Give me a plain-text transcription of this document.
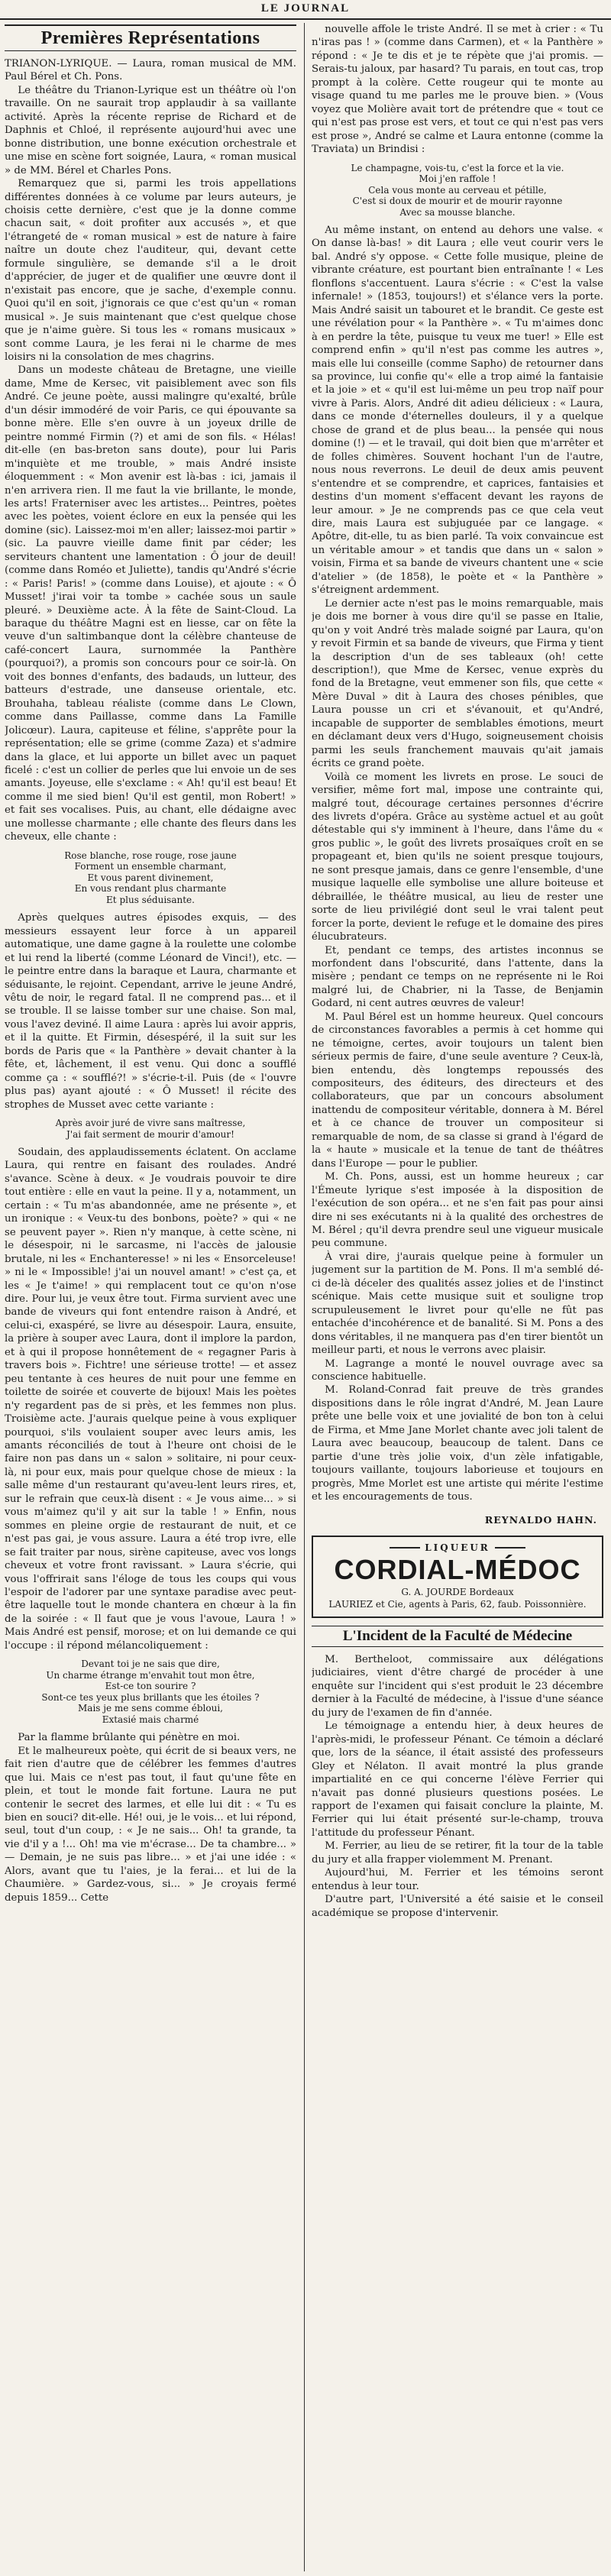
LE JOURNAL
Premières Représentations

TRIANON-LYRIQUE. — Laura, roman musical de MM. Paul Bérel et Ch. Pons.

Le théâtre du Trianon-Lyrique est un théâtre où l'on travaille. On ne saurait trop applaudir à sa vaillante activité. Après la récente reprise de Richard et de Daphnis et Chloé, il représente aujourd'hui avec une bonne distribution, une bonne exécution orchestrale et une mise en scène fort soignée, Laura, « roman musical » de MM. Bérel et Charles Pons.

Remarquez que si, parmi les trois appellations différentes données à ce volume par leurs auteurs, je choisis cette dernière, c'est que je la donne comme chacun sait, « doit profiter aux accusés », et que l'étrangeté de « roman musical » est de nature à faire naître un doute chez l'auditeur, qui, devant cette formule singulière, se demande s'il a le droit d'apprécier, de juger et de qualifier une œuvre dont il n'existait pas encore, que je sache, d'exemple connu. Quoi qu'il en soit, j'ignorais ce que c'est qu'un « roman musical ». Je suis maintenant que c'est quelque chose que je n'aime guère. Si tous les « romans musicaux » sont comme Laura, je les ferai ni le charme de mes loisirs ni la consolation de mes chagrins.

Dans un modeste château de Bretagne, une vieille dame, Mme de Kersec, vit paisiblement avec son fils André. Ce jeune poète, aussi malingre qu'exalté, brûle d'un désir immodéré de voir Paris, ce qui épouvante sa bonne mère. Elle s'en ouvre à un joyeux drille de peintre nommé Firmin (?) et ami de son fils. « Hélas! dit-elle (en bas-breton sans doute), pour lui Paris m'inquiète et me trouble, » mais André insiste éloquemment : « Mon avenir est là-bas : ici, jamais il n'en arrivera rien. Il me faut la vie brillante, le monde, les arts! Fraterniser avec les artistes... Peintres, poètes avec les poètes, voient éclore en eux la pensée qui les domine (sic). Laissez-moi m'en aller; laissez-moi partir » (sic. La pauvre vieille dame finit par céder; les serviteurs chantent une lamentation : Ô jour de deuil! (comme dans Roméo et Juliette), tandis qu'André s'écrie : « Paris! Paris! » (comme dans Louise), et ajoute : « Ô Musset! j'irai voir ta tombe » cachée sous un saule pleuré. » Deuxième acte. À la fête de Saint-Cloud. La baraque du théâtre Magni est en liesse, car on fête la veuve d'un saltimbanque dont la célèbre chanteuse de café-concert Laura, surnommée la Panthère (pourquoi?), a promis son concours pour ce soir-là. On voit des bonnes d'enfants, des badauds, un lutteur, des batteurs d'estrade, une danseuse orientale, etc. Brouhaha, tableau réaliste (comme dans Le Clown, comme dans Paillasse, comme dans La Famille Jolicœur). Laura, capiteuse et féline, s'apprête pour la représentation; elle se grime (comme Zaza) et s'admire dans la glace, et lui apporte un billet avec un paquet ficelé : c'est un collier de perles que lui envoie un de ses amants. Joyeuse, elle s'exclame : « Ah! qu'il est beau! Et comme il me sied bien! Qu'il est gentil, mon Robert! » et fait ses vocalises. Puis, au chant, elle dédaigne avec une mollesse charmante ; elle chante des fleurs dans les cheveux, elle chante :

Rose blanche, rose rouge, rose jaune
Forment un ensemble charmant,
Et vous parent divinement,
En vous rendant plus charmante
Et plus séduisante.

Après quelques autres épisodes exquis, — des messieurs essayent leur force à un appareil automatique, une dame gagne à la roulette une colombe et lui rend la liberté (comme Léonard de Vinci!), etc. — le peintre entre dans la baraque et Laura, charmante et séduisante, le rejoint. Cependant, arrive le jeune André, vêtu de noir, le regard fatal. Il ne comprend pas... et il se trouble. Il se laisse tomber sur une chaise. Son mal, vous l'avez deviné. Il aime Laura : après lui avoir appris, et il la quitte. Et Firmin, désespéré, il la suit sur les bords de Paris que « la Panthère » devait chanter à la fête, et, lâchement, il est venu. Qui donc a soufflé comme ça : « soufflé?! » s'écrie-t-il. Puis (de « l'ouvre plus pas) ayant ajouté : « Ô Musset! il récite des strophes de Musset avec cette variante :

Après avoir juré de vivre sans maîtresse,
J'ai fait serment de mourir d'amour!

Soudain, des applaudissements éclatent. On acclame Laura, qui rentre en faisant des roulades. André s'avance. Scène à deux. « Je voudrais pouvoir te dire tout entière : elle en vaut la peine. Il y a, notamment, un certain : « Tu m'as abandonnée, ame ne présente », et un ironique : « Veux-tu des bonbons, poète? » qui « ne se peuvent payer ». Rien n'y manque, à cette scène, ni le désespoir, ni le sarcasme, ni l'accès de jalousie brutale, ni les « Enchanteresse! » ni les « Ensorceleuse! » ni le « Impossible! j'ai un nouvel amant! » c'est ça, et les « Je t'aime! » qui remplacent tout ce qu'on n'ose dire. Pour lui, je veux être tout. Firma survient avec une bande de viveurs qui font entendre raison à André, et celui-ci, exaspéré, se livre au désespoir. Laura, ensuite, la prière à souper avec Laura, dont il implore la pardon, et à qui il propose honnêtement de « regagner Paris à travers bois ». Fichtre! une sérieuse trotte! — et assez peu tentante à ces heures de nuit pour une femme en toilette de soirée et couverte de bijoux! Mais les poètes n'y regardent pas de si près, et les femmes non plus. Troisième acte. J'aurais quelque peine à vous expliquer pourquoi, s'ils voulaient souper avec leurs amis, les amants réconciliés de tout à l'heure ont choisi de le faire non pas dans un « salon » solitaire, ni pour ceux-là, ni pour eux, mais pour quelque chose de mieux : la salle même d'un restaurant qu'aveu-lent leurs rires, et, sur le refrain que ceux-là disent : « Je vous aime... » si vous m'aimez qu'il y ait sur la table ! » Enfin, nous sommes en pleine orgie de restaurant de nuit, et ce n'est pas gai, je vous assure. Laura a été trop ivre, elle se fait traiter par nous, sirène capiteuse, avec vos longs cheveux et votre front ravissant. » Laura s'écrie, qui vous l'offrirait sans l'éloge de tous les coups qui vous l'espoir de l'adorer par une syntaxe paradise avec peut-être laquelle tout le monde chantera en chœur à la fin de la soirée : « Il faut que je vous l'avoue, Laura ! » Mais André est pensif, morose; et on lui demande ce qui l'occupe : il répond mélancoliquement :

Devant toi je ne sais que dire,
Un charme étrange m'envahit tout mon être,
Est-ce ton sourire ?
Sont-ce tes yeux plus brillants que les étoiles ?
Mais je me sens comme ébloui,
Extasié mais charmé

Par la flamme brûlante qui pénètre en moi.

Et le malheureux poète, qui écrit de si beaux vers, ne fait rien d'autre que de célébrer les femmes d'autres que lui. Mais ce n'est pas tout, il faut qu'une fête en plein, et tout le monde fait fortune. Laura ne put contenir le secret des larmes, et elle lui dit : « Tu es bien en souci? dit-elle. Hé! oui, je le vois... et lui répond, seul, tout d'un coup, : « Je ne sais... Oh! ta grande, ta vie d'il y a !... Oh! ma vie m'écrase... De ta chambre... » — Demain, je ne suis pas libre... » et j'ai une idée : « Alors, avant que tu l'aies, je la ferai... et lui de la Chaumière. » Gardez-vous, si... » Je croyais fermé depuis 1859... Cette

nouvelle affole le triste André. Il se met à crier : « Tu n'iras pas ! » (comme dans Carmen), et « la Panthère » répond : « Je te dis et je te répète que j'ai promis. — Serais-tu jaloux, par hasard? Tu parais, en tout cas, trop prompt à la colère. Cette rougeur qui te monte au visage quand tu me parles me le prouve bien. » (Vous voyez que Molière avait tort de prétendre que « tout ce qui n'est pas prose est vers, et tout ce qui n'est pas vers est prose », André se calme et Laura entonne (comme la Traviata) un Brindisi :

Le champagne, vois-tu, c'est la force et la vie.
Moi j'en raffole !
Cela vous monte au cerveau et pétille,
C'est si doux de mourir et de mourir rayonne
Avec sa mousse blanche.

Au même instant, on entend au dehors une valse. « On danse là-bas! » dit Laura ; elle veut courir vers le bal. André s'y oppose. « Cette folle musique, pleine de vibrante créature, est pourtant bien entraînante ! « Les flonflons s'accentuent. Laura s'écrie : « C'est la valse infernale! » (1853, toujours!) et s'élance vers la porte. Mais André saisit un tabouret et le brandit. Ce geste est une révélation pour « la Panthère ». « Tu m'aimes donc à en perdre la tête, puisque tu veux me tuer! » Elle est comprend enfin » qu'il n'est pas comme les autres », mais elle lui conseille (comme Sapho) de retourner dans sa province, lui confie qu'« elle a trop aimé la fantaisie et la joie » et « qu'il est lui-même un peu trop naïf pour vivre à Paris. Alors, André dit adieu délicieux : « Laura, dans ce monde d'éternelles douleurs, il y a quelque chose de grand et de plus beau... la pensée qui nous domine (!) — et le travail, qui doit bien que m'arrêter et de folles chimères. Souvent hochant l'un de l'autre, nous nous reverrons. Le deuil de deux amis peuvent s'entendre et se comprendre, et caprices, fantaisies et destins d'un moment s'effacent devant les rayons de leur amour. » Je ne comprends pas ce que cela veut dire, mais Laura est subjuguée par ce langage. « Apôtre, dit-elle, tu as bien parlé. Ta voix convaincue est un véritable amour » et tandis que dans un « salon » voisin, Firma et sa bande de viveurs chantent une « scie d'atelier » (de 1858), le poète et « la Panthère » s'étreignent ardemment.

Le dernier acte n'est pas le moins remarquable, mais je dois me borner à vous dire qu'il se passe en Italie, qu'on y voit André très malade soigné par Laura, qu'on y revoit Firmin et sa bande de viveurs, que Firma y tient la description d'un de ses tableaux (oh! cette description!), que Mme de Kersec, venue exprès du fond de la Bretagne, veut emmener son fils, que cette « Mère Duval » dit à Laura des choses pénibles, que Laura pousse un cri et s'évanouit, et qu'André, incapable de supporter de semblables émotions, meurt en déclamant deux vers d'Hugo, soigneusement choisis parmi les seuls franchement mauvais qu'ait jamais écrits ce grand poète.

Voilà ce moment les livrets en prose. Le souci de versifier, même fort mal, impose une contrainte qui, malgré tout, décourage certaines personnes d'écrire des livrets d'opéra. Grâce au système actuel et au goût détestable qui s'y imminent à l'heure, dans l'âme du « gros public », le goût des livrets prosaïques croît en se propageant et, bien qu'ils ne soient presque toujours, ne sont presque jamais, dans ce genre l'ensemble, d'une musique laquelle elle symbolise une allure boiteuse et débraillée, le théâtre musical, au lieu de rester une sorte de lieu privilégié dont seul le vrai talent peut forcer la porte, devient le refuge et le domaine des pires élucubrateurs.

Et, pendant ce temps, des artistes inconnus se morfondent dans l'obscurité, dans l'attente, dans la misère ; pendant ce temps on ne représente ni le Roi malgré lui, de Chabrier, ni la Tasse, de Benjamin Godard, ni cent autres œuvres de valeur!

M. Paul Bérel est un homme heureux. Quel concours de circonstances favorables a permis à cet homme qui ne témoigne, certes, avoir toujours un talent bien sérieux permis de faire, d'une seule aventure ? Ceux-là, bien entendu, dès longtemps repoussés des compositeurs, des éditeurs, des directeurs et des collaborateurs, que par un concours absolument inattendu de compositeur véritable, donnera à M. Bérel et à ce chance de trouver un compositeur si remarquable de nom, de sa classe si grand à l'égard de la « haute » musicale et la tenue de tant de théâtres dans l'Europe — pour le publier.

M. Ch. Pons, aussi, est un homme heureux ; car l'Émeute lyrique s'est imposée à la disposition de l'exécution de son opéra... et ne s'en fait pas pour ainsi dire ni ses exécutants ni à la qualité des orchestres de M. Bérel ; qu'il devra prendre seul une vigueur musicale peu commune.

À vrai dire, j'aurais quelque peine à formuler un jugement sur la partition de M. Pons. Il m'a semblé dé-ci de-là déceler des qualités assez jolies et de l'instinct scénique. Mais cette musique suit et souligne trop scrupuleusement le livret pour qu'elle ne fût pas entachée d'incohérence et de banalité. Si M. Pons a des dons véritables, il ne manquera pas d'en tirer bientôt un meilleur parti, et nous le verrons avec plaisir.

M. Lagrange a monté le nouvel ouvrage avec sa conscience habituelle.

M. Roland-Conrad fait preuve de très grandes dispositions dans le rôle ingrat d'André, M. Jean Laure prête une belle voix et une jovialité de bon ton à celui de Firma, et Mme Jane Morlet chante avec joli talent de Laura avec beaucoup, beaucoup de talent. Dans ce partie d'une très jolie voix, d'un zèle infatigable, toujours vaillante, toujours laborieuse et toujours en progrès, Mme Morlet est une artiste qui mérite l'estime et les encouragements de tous.

REYNALDO HAHN.
LIQUEUR
CORDIAL-MÉDOC
G. A. JOURDE Bordeaux
LAURIEZ et Cie, agents à Paris, 62, faub. Poissonnière.
L'Incident de la Faculté de Médecine

M. Bertheloot, commissaire aux délégations judiciaires, vient d'être chargé de procéder à une enquête sur l'incident qui s'est produit le 23 décembre dernier à la Faculté de médecine, à l'issue d'une séance du jury de l'examen de fin d'année.

Le témoignage a entendu hier, à deux heures de l'après-midi, le professeur Pénant. Ce témoin a déclaré que, lors de la séance, il était assisté des professeurs Gley et Nélaton. Il avait montré la plus grande impartialité en ce qui concerne l'élève Ferrier qui n'avait pas donné plusieurs questions posées. Le rapport de l'examen qui faisait conclure la plainte, M. Ferrier qui lui était présenté sur-le-champ, trouva l'attitude du professeur Pénant.

M. Ferrier, au lieu de se retirer, fit la tour de la table du jury et alla frapper violemment M. Prenant.

Aujourd'hui, M. Ferrier et les témoins seront entendus à leur tour.

D'autre part, l'Université a été saisie et le conseil académique se propose d'intervenir.
